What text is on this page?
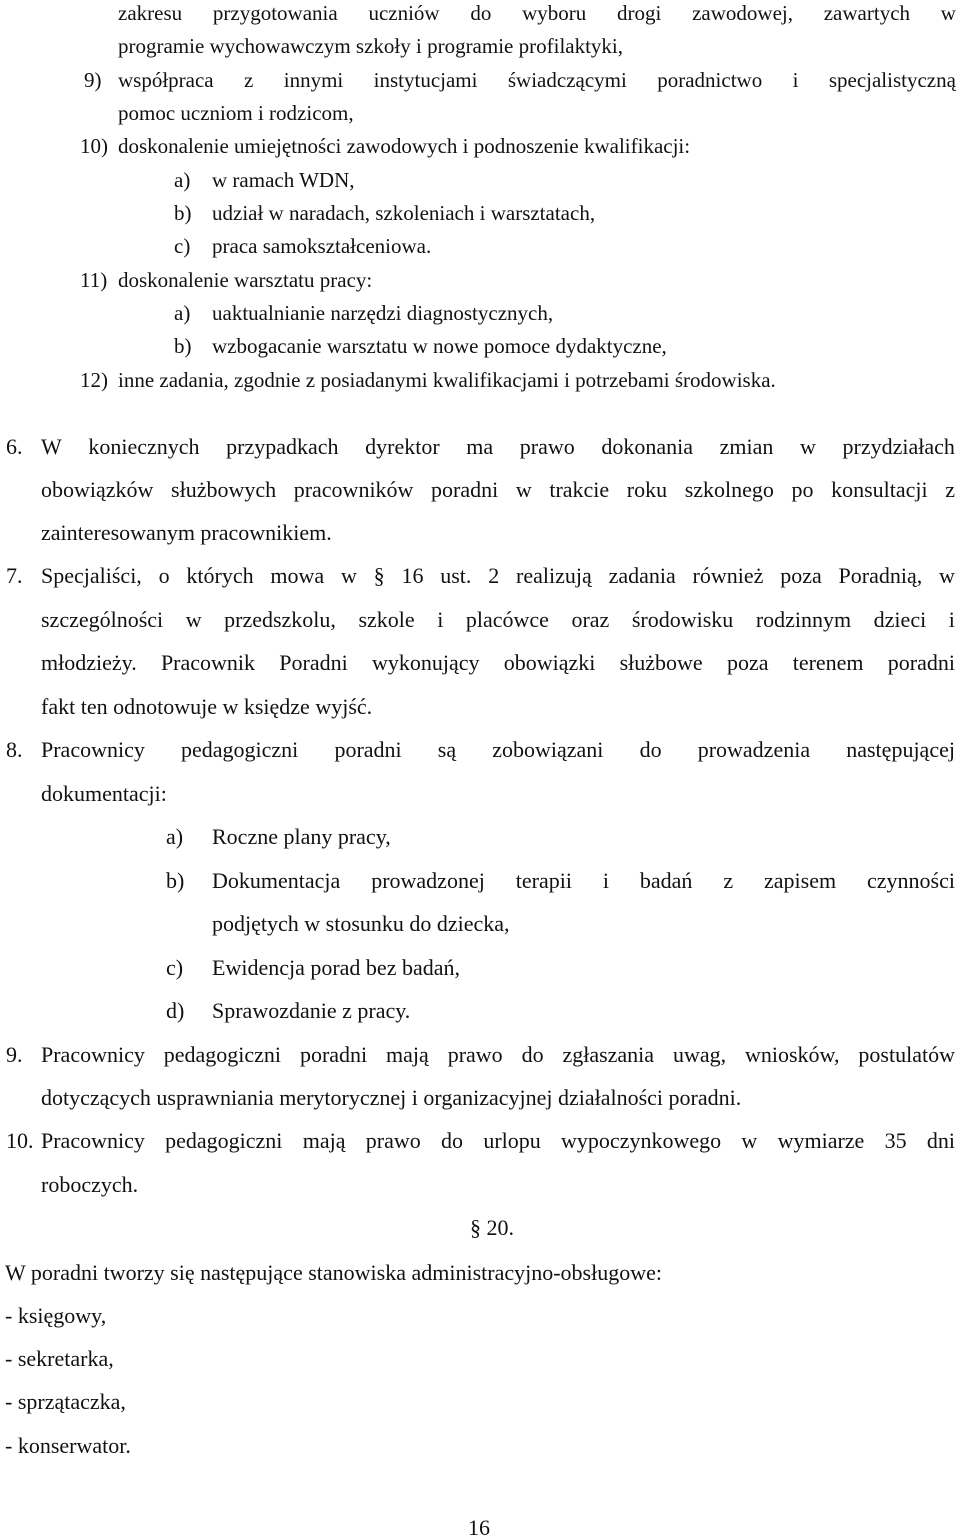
zakresu przygotowania uczniów do wyboru drogi zawodowej, zawartych w
programie wychowawczym szkoły i programie profilaktyki,
9) współpraca z innymi instytucjami świadczącymi poradnictwo i specjalistyczną
pomoc uczniom i rodzicom,
10) doskonalenie umiejętności zawodowych i podnoszenie kwalifikacji:
a) w ramach WDN,
b) udział w naradach, szkoleniach i warsztatach,
c) praca samokształceniowa.
11) doskonalenie warsztatu pracy:
a) uaktualnianie narzędzi diagnostycznych,
b) wzbogacanie warsztatu w nowe pomoce dydaktyczne,
12) inne zadania, zgodnie z posiadanymi kwalifikacjami i potrzebami środowiska.
6. W koniecznych przypadkach dyrektor ma prawo dokonania zmian w przydziałach
obowiązków służbowych pracowników poradni w trakcie roku szkolnego po konsultacji z
zainteresowanym pracownikiem.
7. Specjaliści, o których mowa w § 16 ust. 2 realizują zadania również poza Poradnią, w
szczególności w przedszkolu, szkole i placówce oraz środowisku rodzinnym dzieci i
młodzieży. Pracownik Poradni wykonujący obowiązki służbowe poza terenem poradni
fakt ten odnotowuje w księdze wyjść.
8. Pracownicy pedagogiczni poradni są zobowiązani do prowadzenia następującej
dokumentacji:
a) Roczne plany pracy,
b) Dokumentacja prowadzonej terapii i badań z zapisem czynności
podjętych w stosunku do dziecka,
c) Ewidencja porad bez badań,
d) Sprawozdanie z pracy.
9. Pracownicy pedagogiczni poradni mają prawo do zgłaszania uwag, wniosków, postulatów
dotyczących usprawniania merytorycznej i organizacyjnej działalności poradni.
10. Pracownicy pedagogiczni mają prawo do urlopu wypoczynkowego w wymiarze 35 dni
roboczych.
§ 20.
W poradni tworzy się następujące stanowiska administracyjno-obsługowe:
- księgowy,
- sekretarka,
- sprzątaczka,
- konserwator.
16
